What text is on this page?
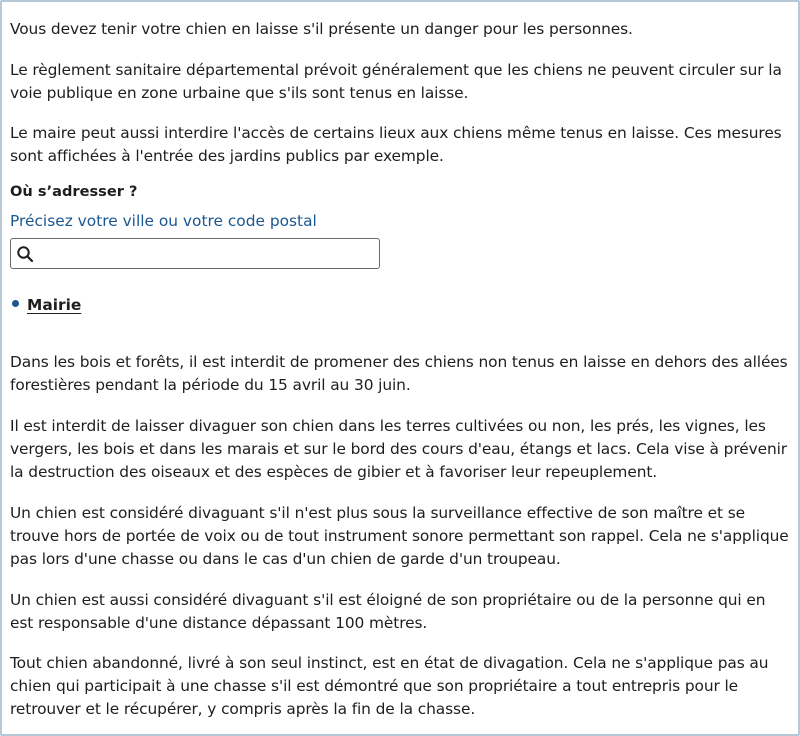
Vous devez tenir votre chien en laisse s'il présente un danger pour les personnes.

Le règlement sanitaire départemental prévoit généralement que les chiens ne peuvent circuler sur la voie publique en zone urbaine que s'ils sont tenus en laisse.

Le maire peut aussi interdire l'accès de certains lieux aux chiens même tenus en laisse. Ces mesures sont affichées à l'entrée des jardins publics par exemple.

Où s’adresser ?
Précisez votre ville ou votre code postal
Mairie

Dans les bois et forêts, il est interdit de promener des chiens non tenus en laisse en dehors des allées forestières pendant la période du 15 avril au 30 juin.

Il est interdit de laisser divaguer son chien dans les terres cultivées ou non, les prés, les vignes, les vergers, les bois et dans les marais et sur le bord des cours d'eau, étangs et lacs. Cela vise à prévenir la destruction des oiseaux et des espèces de gibier et à favoriser leur repeuplement.

Un chien est considéré divaguant s'il n'est plus sous la surveillance effective de son maître et se trouve hors de portée de voix ou de tout instrument sonore permettant son rappel. Cela ne s'applique pas lors d'une chasse ou dans le cas d'un chien de garde d'un troupeau.

Un chien est aussi considéré divaguant s'il est éloigné de son propriétaire ou de la personne qui en est responsable d'une distance dépassant 100 mètres.

Tout chien abandonné, livré à son seul instinct, est en état de divagation. Cela ne s'applique pas au chien qui participait à une chasse s'il est démontré que son propriétaire a tout entrepris pour le retrouver et le récupérer, y compris après la fin de la chasse.
